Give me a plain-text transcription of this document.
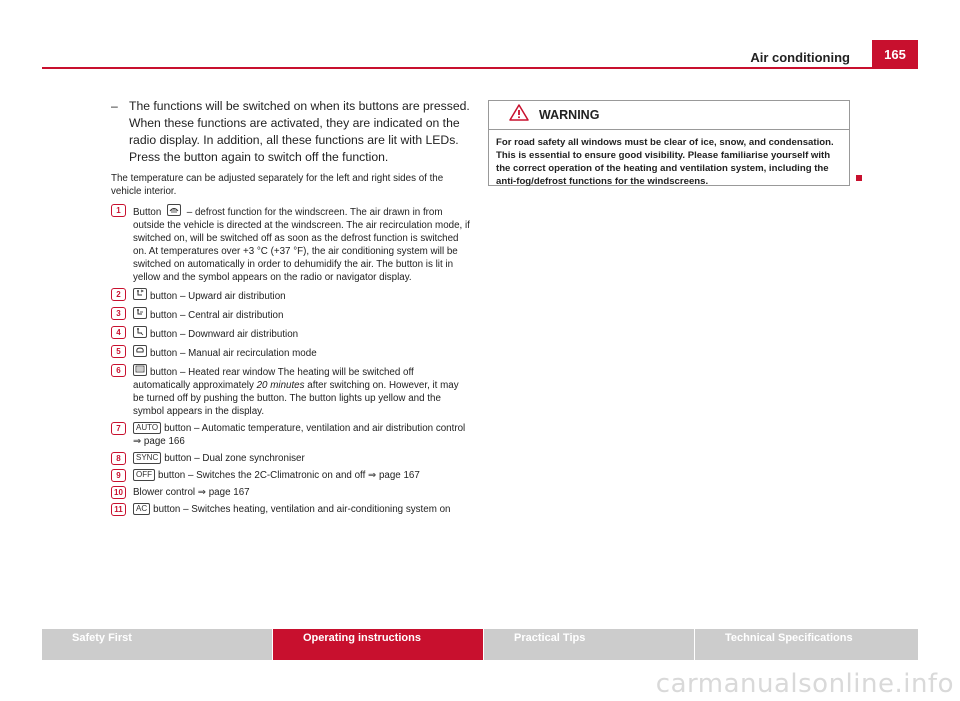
Air conditioning	165
– The functions will be switched on when its buttons are pressed. When these functions are activated, they are indicated on the radio display. In addition, all these functions are lit with LEDs. Press the button again to switch off the function.
The temperature can be adjusted separately for the left and right sides of the vehicle interior.
1	Button
– defrost function for the windscreen. The air drawn in from outside the vehicle is directed at the windscreen. The air recirculation mode, if switched on, will be switched off as soon as the defrost function is switched on. At temperatures over +3 °C (+37 °F), the air conditioning system will be switched on automatically in order to dehumidify the air. The button is lit in yellow and the symbol appears on the radio or navigator display.
2	button – Upward air distribution
3	button – Central air distribution
4	button – Downward air distribution
5	button – Manual air recirculation mode
6	button – Heated rear window The heating will be switched off automatically approximately 20 minutes after switching on. However, it may be turned off by pushing the button. The button lights up yellow and the symbol appears in the display.
7	AUTO button – Automatic temperature, ventilation and air distribution control ⇒ page 166
8	SYNC button – Dual zone synchroniser
9	OFF button – Switches the 2C-Climatronic on and off ⇒ page 167
10	Blower control ⇒ page 167
11	AC button – Switches heating, ventilation and air-conditioning system on
WARNING
For road safety all windows must be clear of ice, snow, and condensation. This is essential to ensure good visibility. Please familiarise yourself with the correct operation of the heating and ventilation system, including the anti-fog/defrost functions for the windscreens.
Safety First	Operating instructions	Practical Tips	Technical Specifications
carmanualsonline.info
